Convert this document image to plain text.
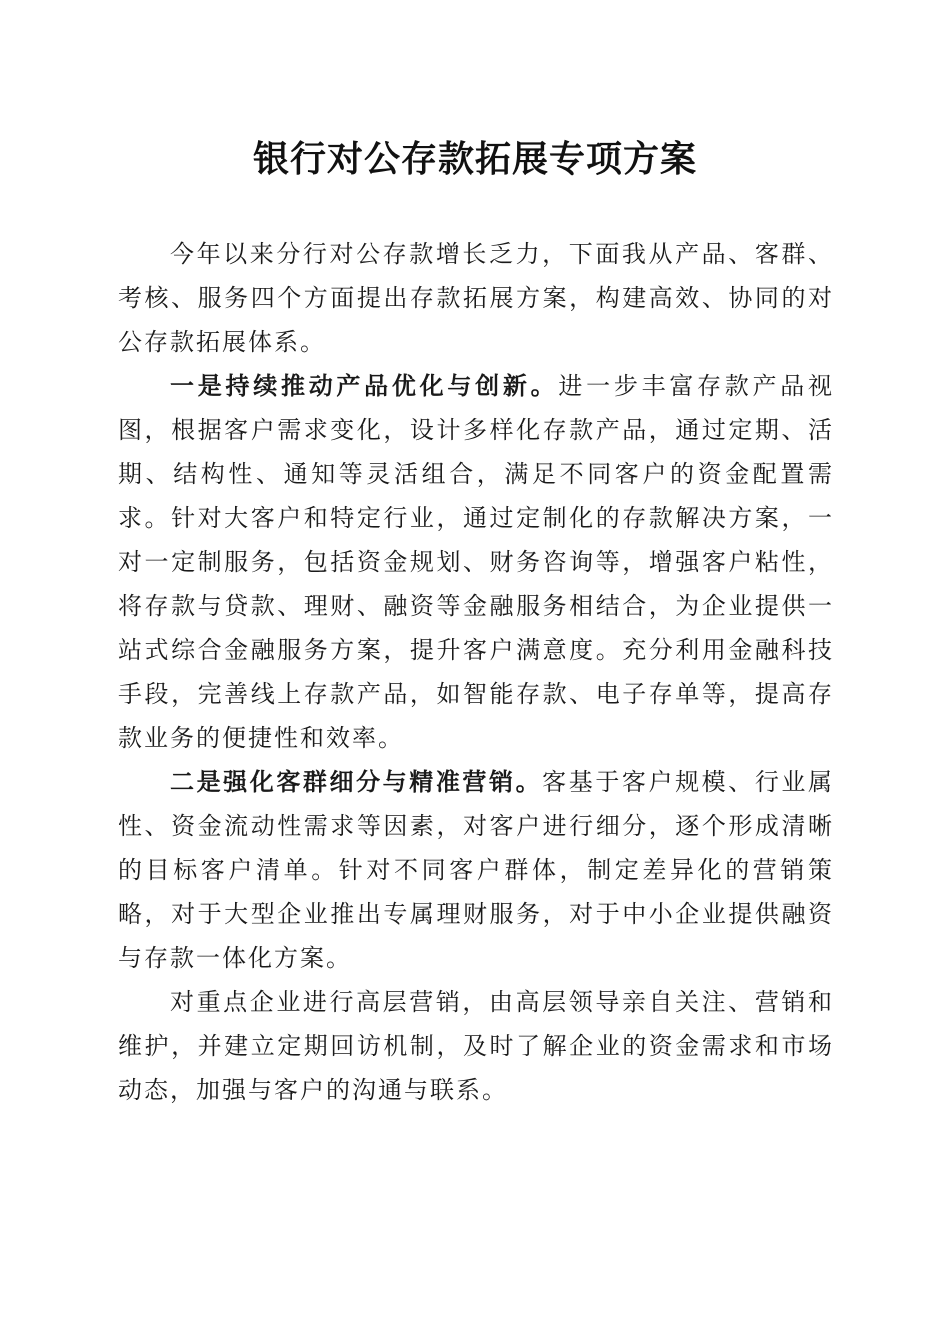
银行对公存款拓展专项方案

今年以来分行对公存款增长乏力，下面我从产品、客群、考核、服务四个方面提出存款拓展方案，构建高效、协同的对公存款拓展体系。

一是持续推动产品优化与创新。进一步丰富存款产品视图，根据客户需求变化，设计多样化存款产品，通过定期、活期、结构性、通知等灵活组合，满足不同客户的资金配置需求。针对大客户和特定行业，通过定制化的存款解决方案，一对一定制服务，包括资金规划、财务咨询等，增强客户粘性，将存款与贷款、理财、融资等金融服务相结合，为企业提供一站式综合金融服务方案，提升客户满意度。充分利用金融科技手段，完善线上存款产品，如智能存款、电子存单等，提高存款业务的便捷性和效率。

二是强化客群细分与精准营销。客基于客户规模、行业属性、资金流动性需求等因素，对客户进行细分，逐个形成清晰的目标客户清单。针对不同客户群体，制定差异化的营销策略，对于大型企业推出专属理财服务，对于中小企业提供融资与存款一体化方案。

对重点企业进行高层营销，由高层领导亲自关注、营销和维护，并建立定期回访机制，及时了解企业的资金需求和市场动态，加强与客户的沟通与联系。
